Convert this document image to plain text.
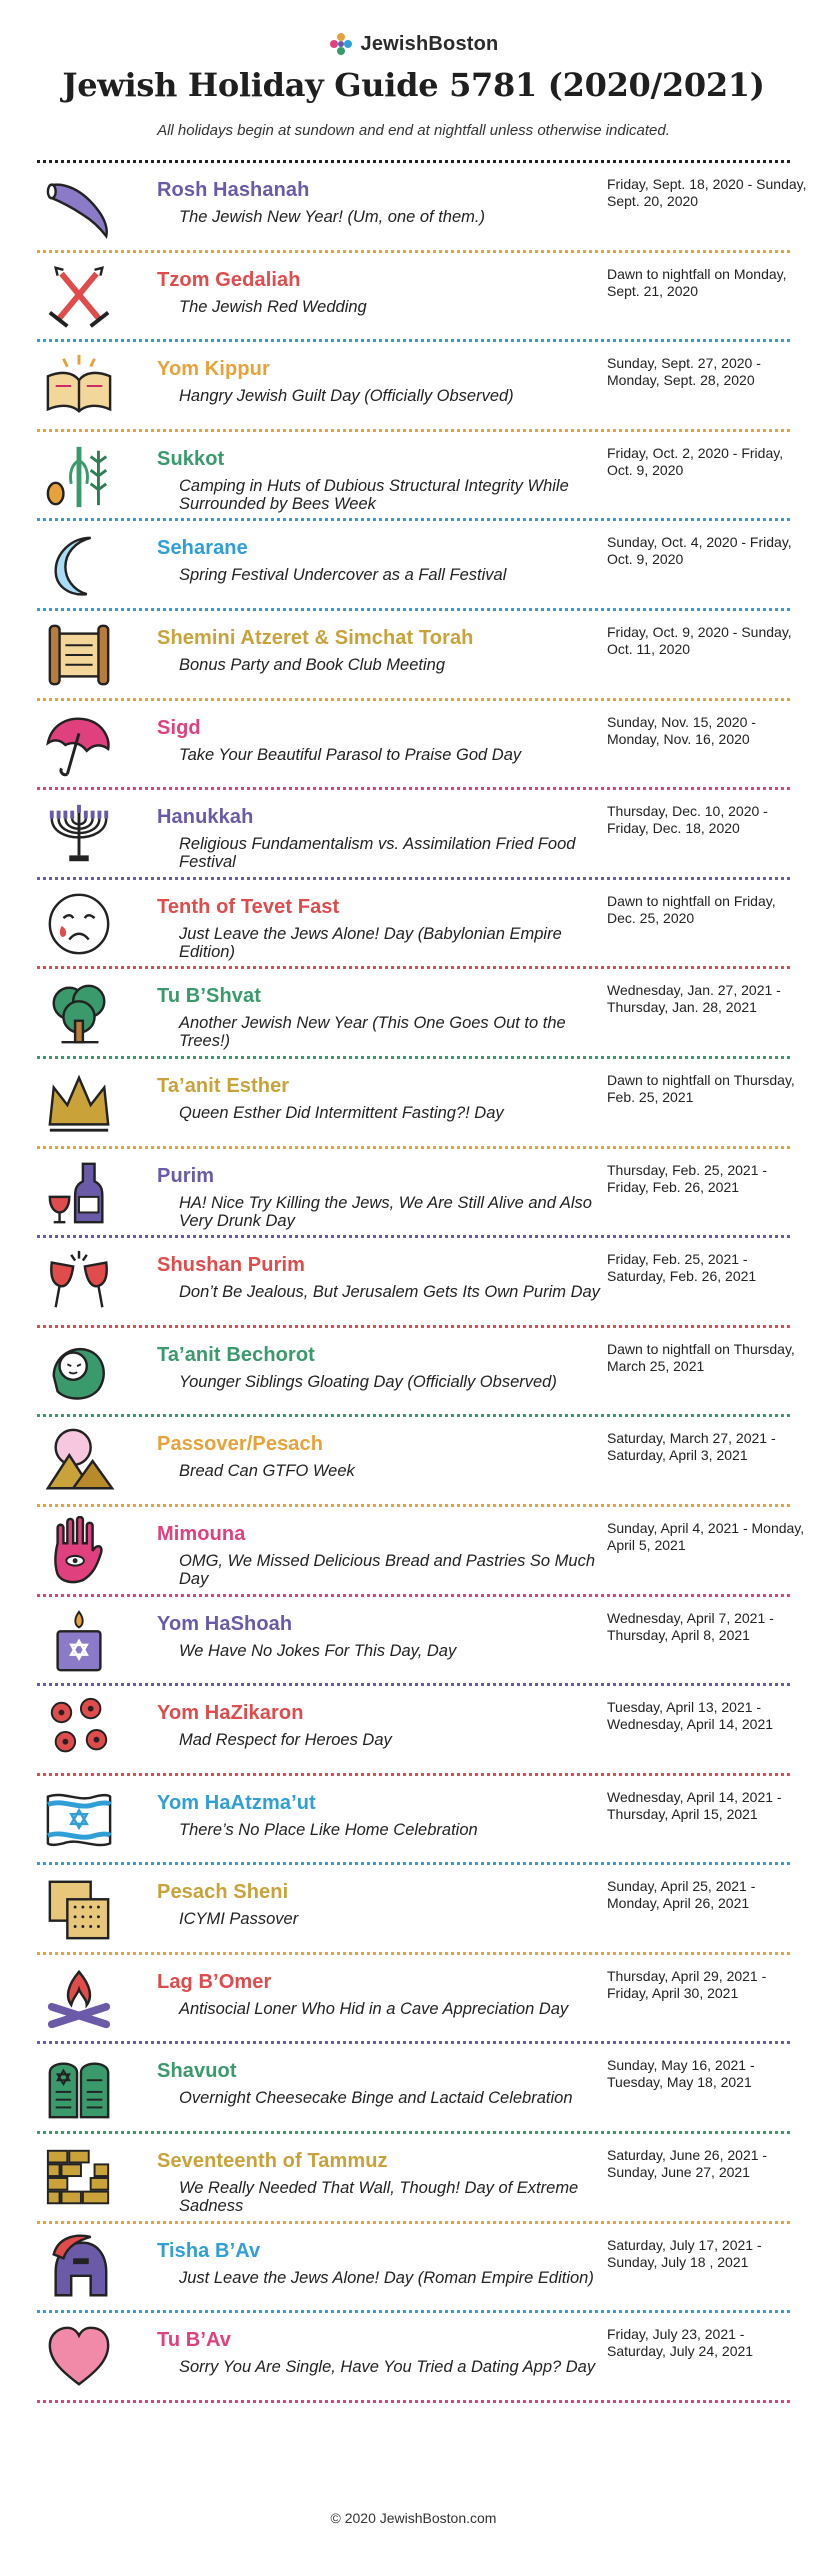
JewishBoston
Jewish Holiday Guide 5781 (2020/2021)
All holidays begin at sundown and end at nightfall unless otherwise indicated.
Rosh Hashanah
The Jewish New Year! (Um, one of them.)
Friday, Sept. 18, 2020 - Sunday, Sept. 20, 2020
Tzom Gedaliah
The Jewish Red Wedding
Dawn to nightfall on Monday, Sept. 21, 2020
Yom Kippur
Hangry Jewish Guilt Day (Officially Observed)
Sunday, Sept. 27, 2020 - Monday, Sept. 28, 2020
Sukkot
Camping in Huts of Dubious Structural Integrity While Surrounded by Bees Week
Friday, Oct. 2, 2020 - Friday, Oct. 9, 2020
Seharane
Spring Festival Undercover as a Fall Festival
Sunday, Oct. 4, 2020 - Friday, Oct. 9, 2020
Shemini Atzeret & Simchat Torah
Bonus Party and Book Club Meeting
Friday, Oct. 9, 2020 - Sunday, Oct. 11, 2020
Sigd
Take Your Beautiful Parasol to Praise God Day
Sunday, Nov. 15, 2020 - Monday, Nov. 16, 2020
Hanukkah
Religious Fundamentalism vs. Assimilation Fried Food Festival
Thursday, Dec. 10, 2020 - Friday, Dec. 18, 2020
Tenth of Tevet Fast
Just Leave the Jews Alone! Day (Babylonian Empire Edition)
Dawn to nightfall on Friday, Dec. 25, 2020
Tu B’Shvat
Another Jewish New Year (This One Goes Out to the Trees!)
Wednesday, Jan. 27, 2021 - Thursday, Jan. 28, 2021
Ta’anit Esther
Queen Esther Did Intermittent Fasting?! Day
Dawn to nightfall on Thursday, Feb. 25, 2021
Purim
HA! Nice Try Killing the Jews, We Are Still Alive and Also Very Drunk Day
Thursday, Feb. 25, 2021 - Friday, Feb. 26, 2021
Shushan Purim
Don’t Be Jealous, But Jerusalem Gets Its Own Purim Day
Friday, Feb. 25, 2021 - Saturday, Feb. 26, 2021
Ta’anit Bechorot
Younger Siblings Gloating Day (Officially Observed)
Dawn to nightfall on Thursday, March 25, 2021
Passover/Pesach
Bread Can GTFO Week
Saturday, March 27, 2021 - Saturday, April 3, 2021
Mimouna
OMG, We Missed Delicious Bread and Pastries So Much Day
Sunday, April 4, 2021 - Monday, April 5, 2021
Yom HaShoah
We Have No Jokes For This Day, Day
Wednesday, April 7, 2021 - Thursday, April 8, 2021
Yom HaZikaron
Mad Respect for Heroes Day
Tuesday, April 13, 2021 - Wednesday, April 14, 2021
Yom HaAtzma’ut
There’s No Place Like Home Celebration
Wednesday, April 14, 2021 - Thursday, April 15, 2021
Pesach Sheni
ICYMI Passover
Sunday, April 25, 2021 - Monday, April 26, 2021
Lag B’Omer
Antisocial Loner Who Hid in a Cave Appreciation Day
Thursday, April 29, 2021 - Friday, April 30, 2021
Shavuot
Overnight Cheesecake Binge and Lactaid Celebration
Sunday, May 16, 2021 - Tuesday, May 18, 2021
Seventeenth of Tammuz
We Really Needed That Wall, Though! Day of Extreme Sadness
Saturday, June 26, 2021 - Sunday, June 27, 2021
Tisha B’Av
Just Leave the Jews Alone! Day (Roman Empire Edition)
Saturday, July 17, 2021 - Sunday, July 18 , 2021
Tu B’Av
Sorry You Are Single, Have You Tried a Dating App? Day
Friday, July 23, 2021 - Saturday, July 24, 2021
© 2020 JewishBoston.com
